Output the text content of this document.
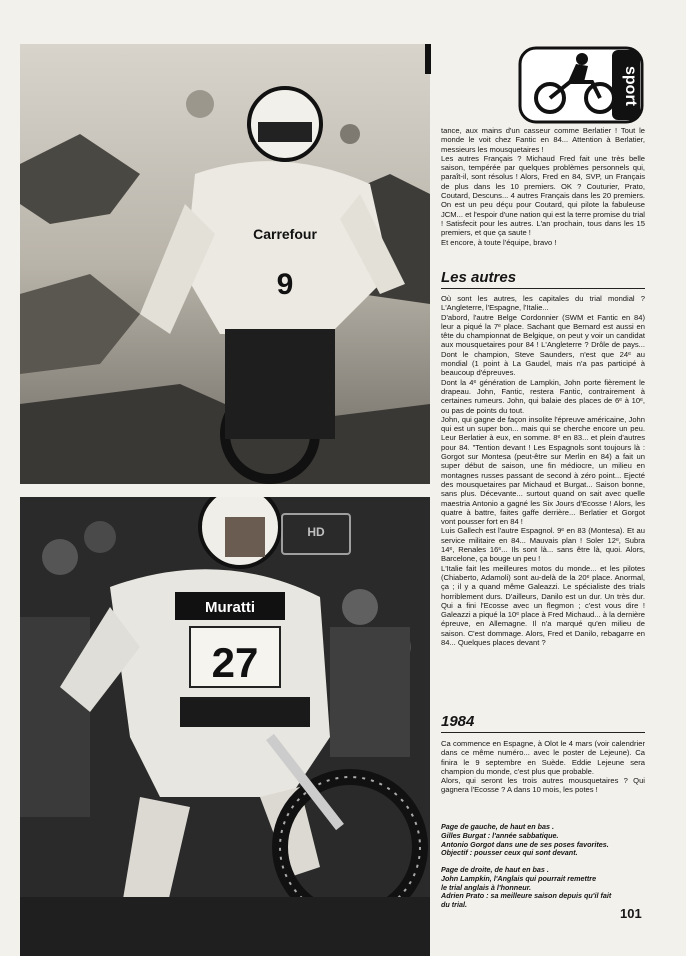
Carrefour
9
Muratti
27
HD
sport

tance, aux mains d'un casseur comme Berlatier ! Tout le monde le voit chez Fantic en 84... Attention à Berlatier, messieurs les mousquetaires !

Les autres Français ? Michaud Fred fait une très belle saison, tempérée par quelques problèmes personnels qui, paraît-il, sont résolus ! Alors, Fred en 84, SVP, un Français de plus dans les 10 premiers. OK ? Couturier, Prato, Coutard, Descuns... 4 autres Français dans les 20 premiers. On est un peu déçu pour Coutard, qui pilote la fabuleuse JCM... et l'espoir d'une nation qui est la terre promise du trial ! Satisfecit pour les autres. L'an prochain, tous dans les 15 premiers, et que ça saute !

Et encore, à toute l'équipe, bravo !

Les autres

Où sont les autres, les capitales du trial mondial ? L'Angleterre, l'Espagne, l'Italie...

D'abord, l'autre Belge Cordonnier (SWM et Fantic en 84) leur a piqué la 7ᵉ place. Sachant que Bernard est aussi en tête du championnat de Belgique, on peut y voir un candidat aux mousquetaires pour 84 ! L'Angleterre ? Drôle de pays... Dont le champion, Steve Saunders, n'est que 24ᵉ au mondial (1 point à La Gaudel, mais n'a pas participé à beaucoup d'épreuves.

Dont la 4ᵉ génération de Lampkin, John porte fièrement le drapeau. John, Fantic, restera Fantic, contrairement à certaines rumeurs. John, qui balaie des places de 6ᵉ à 10ᵉ, ou pas de points du tout.

John, qui gagne de façon insolite l'épreuve américaine, John qui est un super bon... mais qui se cherche encore un peu. Leur Berlatier à eux, en somme. 8ᵉ en 83... et plein d'autres pour 84. "Tention devant ! Les Espagnols sont toujours là : Gorgot sur Montesa (peut-être sur Merlin en 84) a fait un super début de saison, une fin médiocre, un milieu en montagnes russes passant de second à zéro point... Ejecté des mousquetaires par Michaud et Burgat... Saison bonne, sans plus. Décevante... surtout quand on sait avec quelle maestria Antonio a gagné les Six Jours d'Ecosse ! Alors, les quatre à battre, faites gaffe derrière... Berlatier et Gorgot vont pousser fort en 84 !

Luis Gallech est l'autre Espagnol. 9ᵉ en 83 (Montesa). Et au service militaire en 84... Mauvais plan ! Soler 12ᵉ, Subra 14ᵉ, Renales 16ᵉ... Ils sont là... sans être là, quoi. Alors, Barcelone, ça bouge un peu !

L'Italie fait les meilleures motos du monde... et les pilotes (Chiaberto, Adamoli) sont au-delà de la 20ᵉ place. Anormal, ça ; il y a quand même Galeazzi. Le spécialiste des trials horriblement durs. D'ailleurs, Danilo est un dur. Un très dur. Qui a fini l'Ecosse avec un flegmon ; c'est vous dire ! Galeazzi a piqué la 10ᵉ place à Fred Michaud... à la dernière épreuve, en Allemagne. Il n'a marqué qu'en milieu de saison. C'est dommage. Alors, Fred et Danilo, rebagarre en 84... Quelques places devant ?

1984

Ca commence en Espagne, à Olot le 4 mars (voir calendrier dans ce même numéro... avec le poster de Lejeune). Ca finira le 9 septembre en Suède. Eddie Lejeune sera champion du monde, c'est plus que probable.

Alors, qui seront les trois autres mousquetaires ? Qui gagnera l'Ecosse ? A dans 10 mois, les potes !

Page de gauche, de haut en bas .
Gilles Burgat : l'année sabbatique.
Antonio Gorgot dans une de ses poses favorites.
Objectif : pousser ceux qui sont devant.
Page de droite, de haut en bas .
John Lampkin, l'Anglais qui pourrait remettre
le trial anglais à l'honneur.
Adrien Prato : sa meilleure saison depuis qu'il fait
du trial.
101
